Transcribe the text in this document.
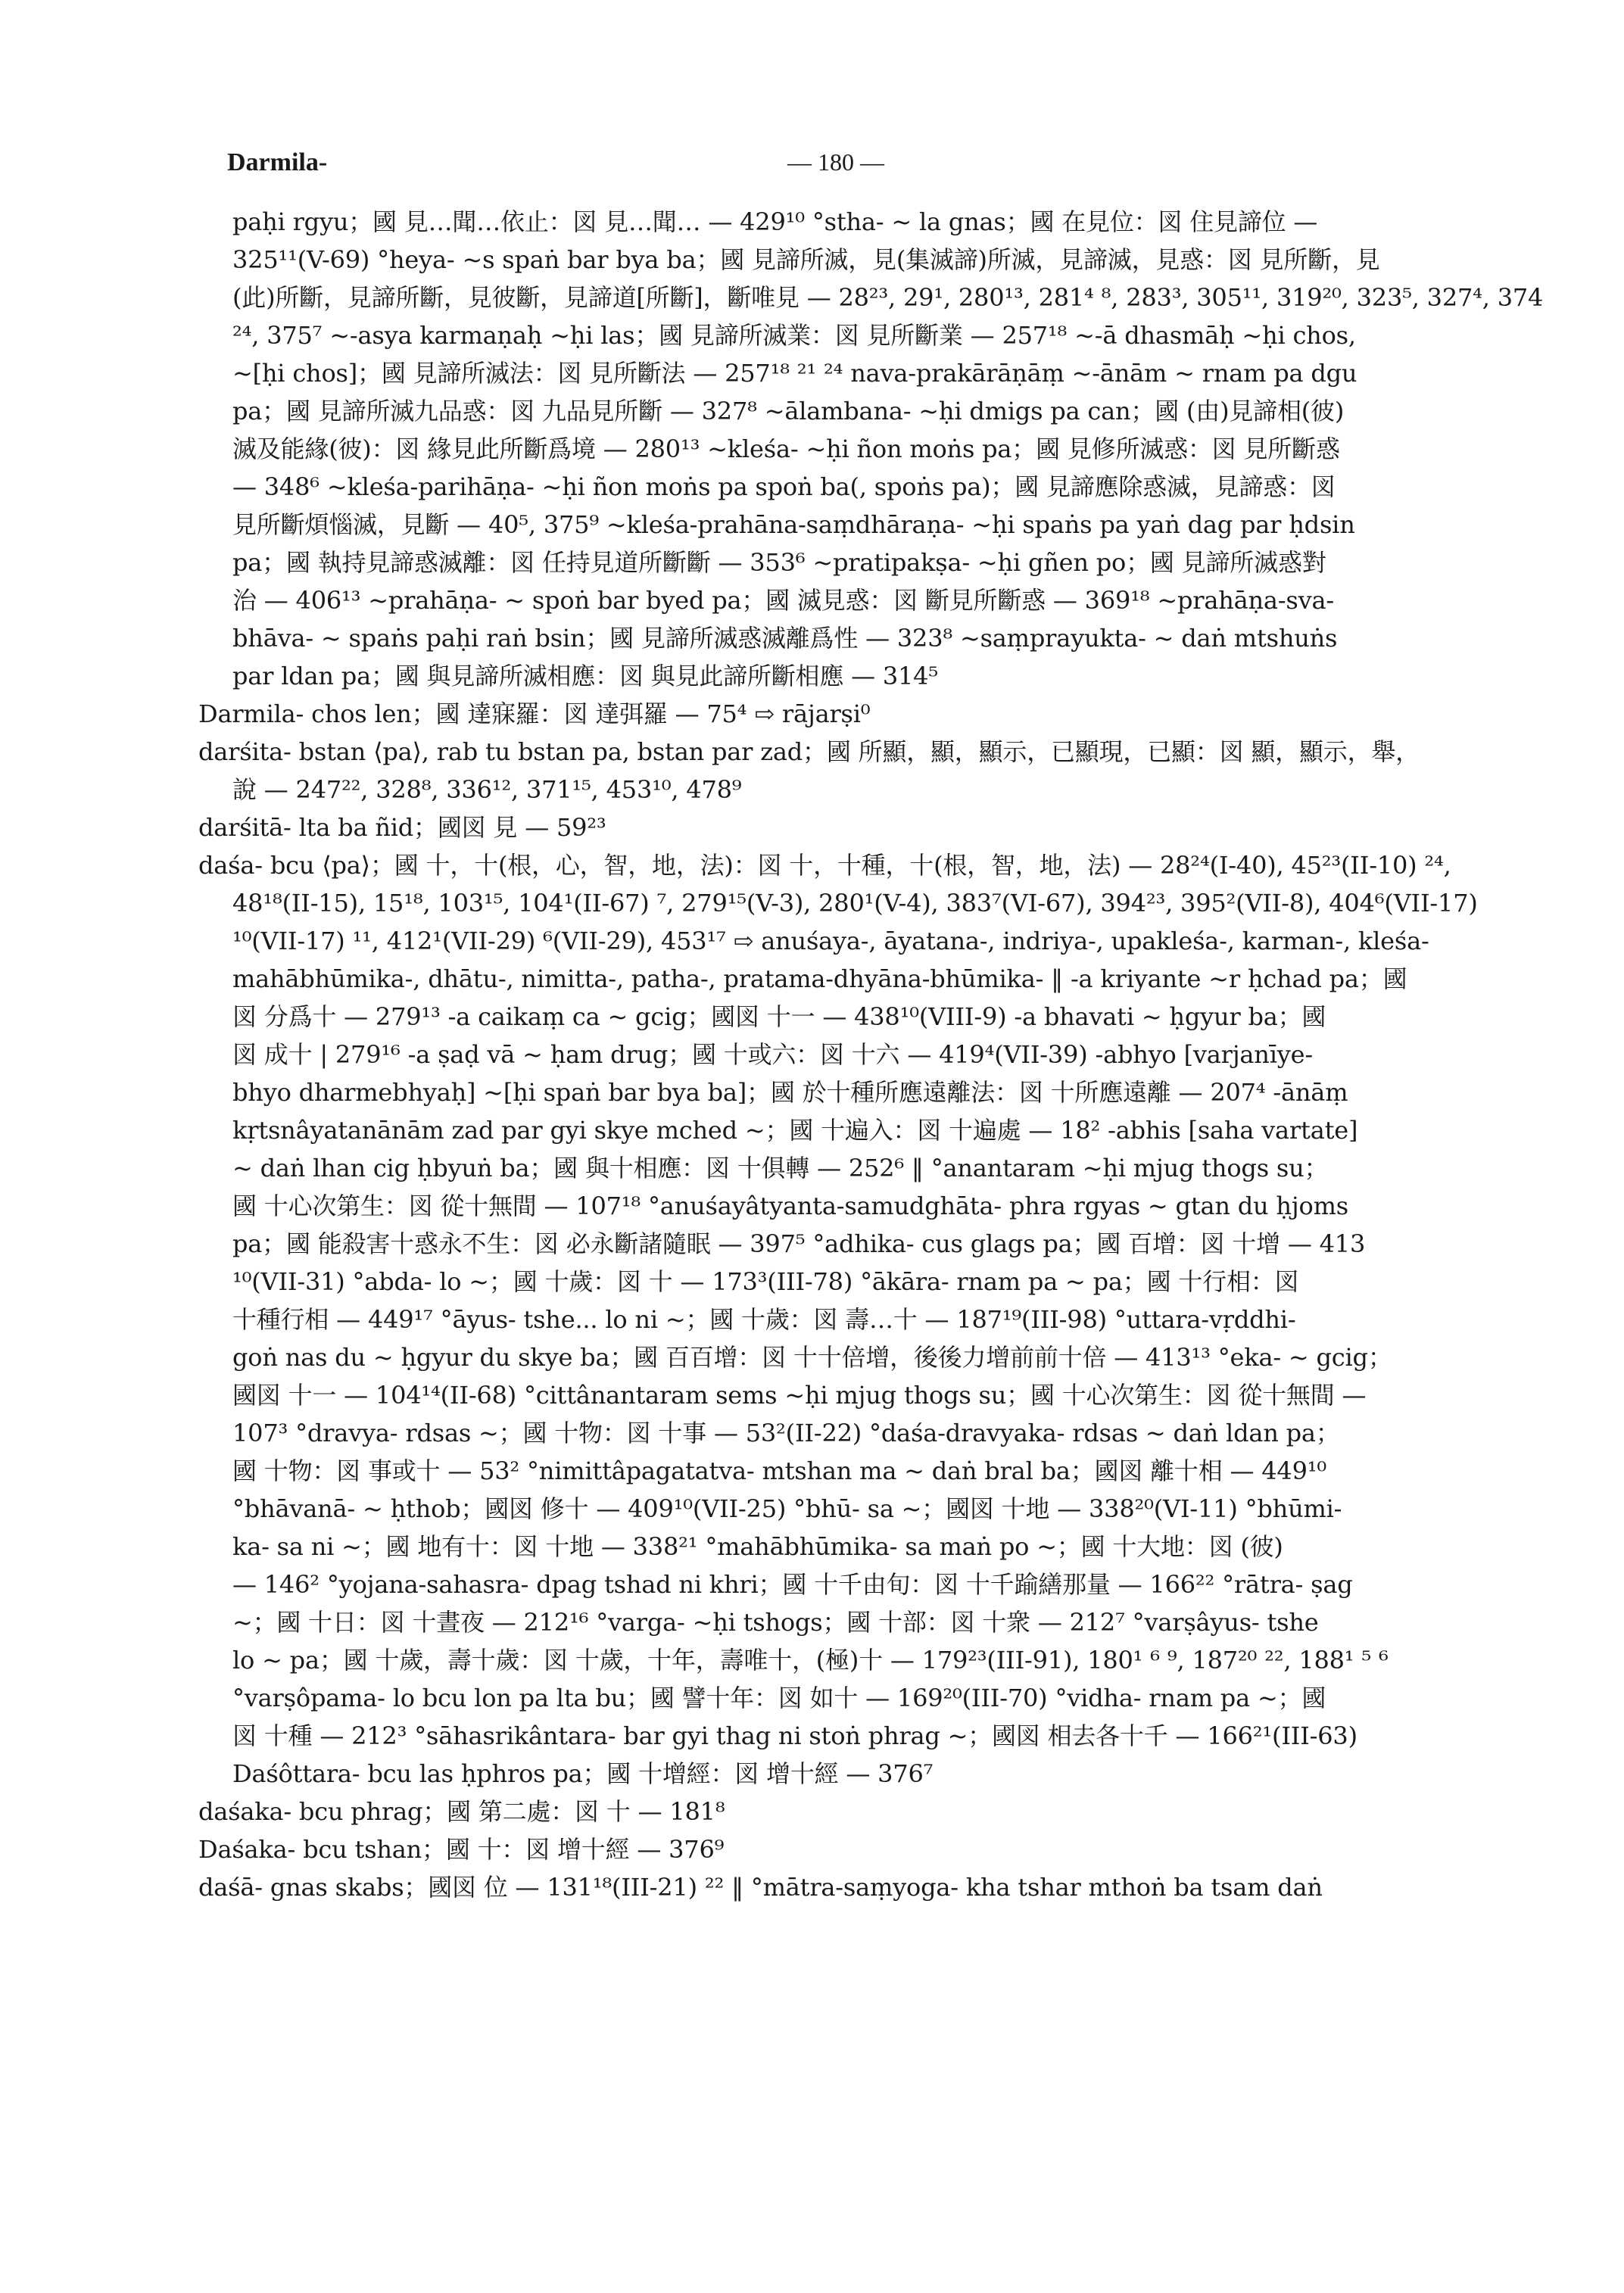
Darmila-	— 180 —
paḥi rgyu；國 見…聞…依止：図 見…聞… — 429¹⁰ °stha- ~ la gnas；國 在見位：図 住見諦位 —
325¹¹(V-69) °heya- ~s spaṅ bar bya ba；國 見諦所滅，見(集滅諦)所滅，見諦滅，見惑：図 見所斷，見
(此)所斷，見諦所斷，見彼斷，見諦道[所斷]，斷唯見 — 28²³, 29¹, 280¹³, 281⁴ ⁸, 283³, 305¹¹, 319²⁰, 323⁵, 327⁴, 374
²⁴, 375⁷ ~-asya karmaṇaḥ ~ḥi las；國 見諦所滅業：図 見所斷業 — 257¹⁸ ~-ā dhasmāḥ ~ḥi chos,
~[ḥi chos]；國 見諦所滅法：図 見所斷法 — 257¹⁸ ²¹ ²⁴ nava-prakārāṇāṃ ~-ānām ~ rnam pa dgu
pa；國 見諦所滅九品惑：図 九品見所斷 — 327⁸ ~ālambana- ~ḥi dmigs pa can；國 (由)見諦相(彼)
滅及能緣(彼)：図 緣見此所斷爲境 — 280¹³ ~kleśa- ~ḥi ñon moṅs pa；國 見修所滅惑：図 見所斷惑
— 348⁶ ~kleśa-parihāṇa- ~ḥi ñon moṅs pa spoṅ ba(, spoṅs pa)；國 見諦應除惑滅，見諦惑：図
見所斷煩惱滅，見斷 — 40⁵, 375⁹ ~kleśa-prahāna-saṃdhāraṇa- ~ḥi spaṅs pa yaṅ dag par ḥdsin
pa；國 執持見諦惑滅離：図 任持見道所斷斷 — 353⁶ ~pratipakṣa- ~ḥi gñen po；國 見諦所滅惑對
治 — 406¹³ ~prahāṇa- ~ spoṅ bar byed pa；國 滅見惑：図 斷見所斷惑 — 369¹⁸ ~prahāṇa-sva-
bhāva- ~ spaṅs paḥi raṅ bsin；國 見諦所滅惑滅離爲性 — 323⁸ ~saṃprayukta- ~ daṅ mtshuṅs
par ldan pa；國 與見諦所滅相應：図 與見此諦所斷相應 — 314⁵
Darmila- chos len；國 達寐羅：図 達弭羅 — 75⁴ ⇨ rājarṣi⁰
darśita- bstan ⟨pa⟩, rab tu bstan pa, bstan par zad；國 所顯，顯，顯示，已顯現，已顯：図 顯，顯示，舉，
說 — 247²², 328⁸, 336¹², 371¹⁵, 453¹⁰, 478⁹
darśitā- lta ba ñid；國図 見 — 59²³
daśa- bcu ⟨pa⟩；國 十，十(根，心，智，地，法)：図 十，十種，十(根，智，地，法) — 28²⁴(I-40), 45²³(II-10) ²⁴,
48¹⁸(II-15), 15¹⁸, 103¹⁵, 104¹(II-67) ⁷, 279¹⁵(V-3), 280¹(V-4), 383⁷(VI-67), 394²³, 395²(VII-8), 404⁶(VII-17)
¹⁰(VII-17) ¹¹, 412¹(VII-29) ⁶(VII-29), 453¹⁷ ⇨ anuśaya-, āyatana-, indriya-, upakleśa-, karman-, kleśa-
mahābhūmika-, dhātu-, nimitta-, patha-, pratama-dhyāna-bhūmika- ‖ -a kriyante ~r ḥchad pa；國
図 分爲十 — 279¹³ -a caikaṃ ca ~ gcig；國図 十一 — 438¹⁰(VIII-9) -a bhavati ~ ḥgyur ba；國
図 成十 | 279¹⁶ -a ṣaḍ vā ~ ḥam drug；國 十或六：図 十六 — 419⁴(VII-39) -abhyo [varjanīye-
bhyo dharmebhyaḥ] ~[ḥi spaṅ bar bya ba]；國 於十種所應遠離法：図 十所應遠離 — 207⁴ -ānāṃ
kṛtsnâyatanānām zad par gyi skye mched ~；國 十遍入：図 十遍處 — 18² -abhis [saha vartate]
~ daṅ lhan cig ḥbyuṅ ba；國 與十相應：図 十俱轉 — 252⁶ ‖ °anantaram ~ḥi mjug thogs su；
國 十心次第生：図 從十無間 — 107¹⁸ °anuśayâtyanta-samudghāta- phra rgyas ~ gtan du ḥjoms
pa；國 能殺害十惑永不生：図 必永斷諸隨眠 — 397⁵ °adhika- cus glags pa；國 百增：図 十增 — 413
¹⁰(VII-31) °abda- lo ~；國 十歲：図 十 — 173³(III-78) °ākāra- rnam pa ~ pa；國 十行相：図
十種行相 — 449¹⁷ °āyus- tshe... lo ni ~；國 十歲：図 壽…十 — 187¹⁹(III-98) °uttara-vṛddhi-
goṅ nas du ~ ḥgyur du skye ba；國 百百增：図 十十倍增，後後力增前前十倍 — 413¹³ °eka- ~ gcig；
國図 十一 — 104¹⁴(II-68) °cittânantaram sems ~ḥi mjug thogs su；國 十心次第生：図 從十無間 —
107³ °dravya- rdsas ~；國 十物：図 十事 — 53²(II-22) °daśa-dravyaka- rdsas ~ daṅ ldan pa；
國 十物：図 事或十 — 53² °nimittâpagatatva- mtshan ma ~ daṅ bral ba；國図 離十相 — 449¹⁰
°bhāvanā- ~ ḥthob；國図 修十 — 409¹⁰(VII-25) °bhū- sa ~；國図 十地 — 338²⁰(VI-11) °bhūmi-
ka- sa ni ~；國 地有十：図 十地 — 338²¹ °mahābhūmika- sa maṅ po ~；國 十大地：図 (彼)
— 146² °yojana-sahasra- dpag tshad ni khri；國 十千由旬：図 十千踰繕那量 — 166²² °rātra- ṣag
~；國 十日：図 十晝夜 — 212¹⁶ °varga- ~ḥi tshogs；國 十部：図 十衆 — 212⁷ °varṣâyus- tshe
lo ~ pa；國 十歲，壽十歲：図 十歲，十年，壽唯十，(極)十 — 179²³(III-91), 180¹ ⁶ ⁹, 187²⁰ ²², 188¹ ⁵ ⁶
°varṣôpama- lo bcu lon pa lta bu；國 譬十年：図 如十 — 169²⁰(III-70) °vidha- rnam pa ~；國
図 十種 — 212³ °sāhasrikântara- bar gyi thag ni stoṅ phrag ~；國図 相去各十千 — 166²¹(III-63)
Daśôttara- bcu las ḥphros pa；國 十增經：図 增十經 — 376⁷
daśaka- bcu phrag；國 第二處：図 十 — 181⁸
Daśaka- bcu tshan；國 十：図 增十經 — 376⁹
daśā- gnas skabs；國図 位 — 131¹⁸(III-21) ²² ‖ °mātra-saṃyoga- kha tshar mthoṅ ba tsam daṅ
